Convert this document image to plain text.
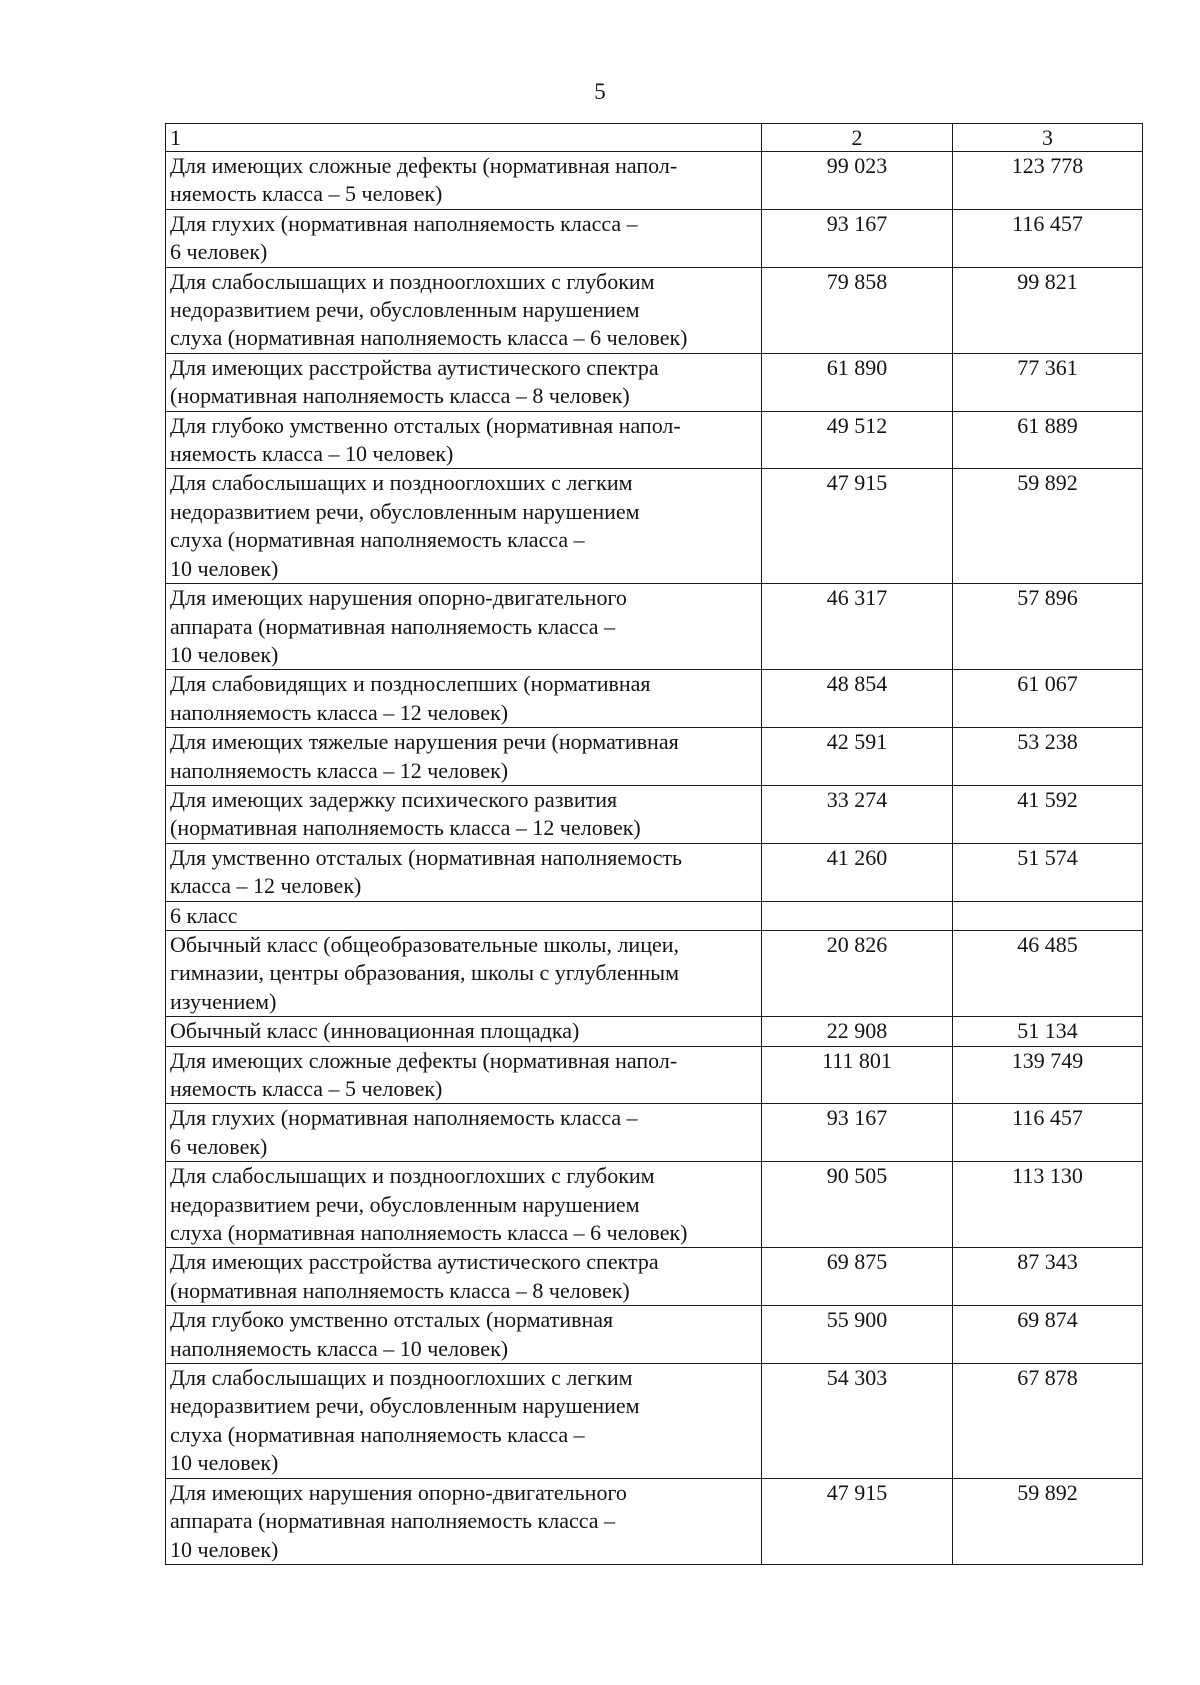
5
1	2	3
Для имеющих сложные дефекты (нормативная напол-
няемость класса – 5 человек)	99 023	123 778
Для глухих (нормативная наполняемость класса –
6 человек)	93 167	116 457
Для слабослышащих и позднооглохших с глубоким
недоразвитием речи, обусловленным нарушением
слуха (нормативная наполняемость класса – 6 человек)	79 858	99 821
Для имеющих расстройства аутистического спектра
(нормативная наполняемость класса – 8 человек)	61 890	77 361
Для глубоко умственно отсталых (нормативная напол-
няемость класса – 10 человек)	49 512	61 889
Для слабослышащих и позднооглохших с легким
недоразвитием речи, обусловленным нарушением
слуха (нормативная наполняемость класса –
10 человек)	47 915	59 892
Для имеющих нарушения опорно-двигательного
аппарата (нормативная наполняемость класса –
10 человек)	46 317	57 896
Для слабовидящих и позднослепших (нормативная
наполняемость класса – 12 человек)	48 854	61 067
Для имеющих тяжелые нарушения речи (нормативная
наполняемость класса – 12 человек)	42 591	53 238
Для имеющих задержку психического развития
(нормативная наполняемость класса – 12 человек)	33 274	41 592
Для умственно отсталых (нормативная наполняемость
класса – 12 человек)	41 260	51 574
6 класс		
Обычный класс (общеобразовательные школы, лицеи,
гимназии, центры образования, школы с углубленным
изучением)	20 826	46 485
Обычный класс (инновационная площадка)	22 908	51 134
Для имеющих сложные дефекты (нормативная напол-
няемость класса – 5 человек)	111 801	139 749
Для глухих (нормативная наполняемость класса –
6 человек)	93 167	116 457
Для слабослышащих и позднооглохших с глубоким
недоразвитием речи, обусловленным нарушением
слуха (нормативная наполняемость класса – 6 человек)	90 505	113 130
Для имеющих расстройства аутистического спектра
(нормативная наполняемость класса – 8 человек)	69 875	87 343
Для глубоко умственно отсталых (нормативная
наполняемость класса – 10 человек)	55 900	69 874
Для слабослышащих и позднооглохших с легким
недоразвитием речи, обусловленным нарушением
слуха (нормативная наполняемость класса –
10 человек)	54 303	67 878
Для имеющих нарушения опорно-двигательного
аппарата (нормативная наполняемость класса –
10 человек)	47 915	59 892
